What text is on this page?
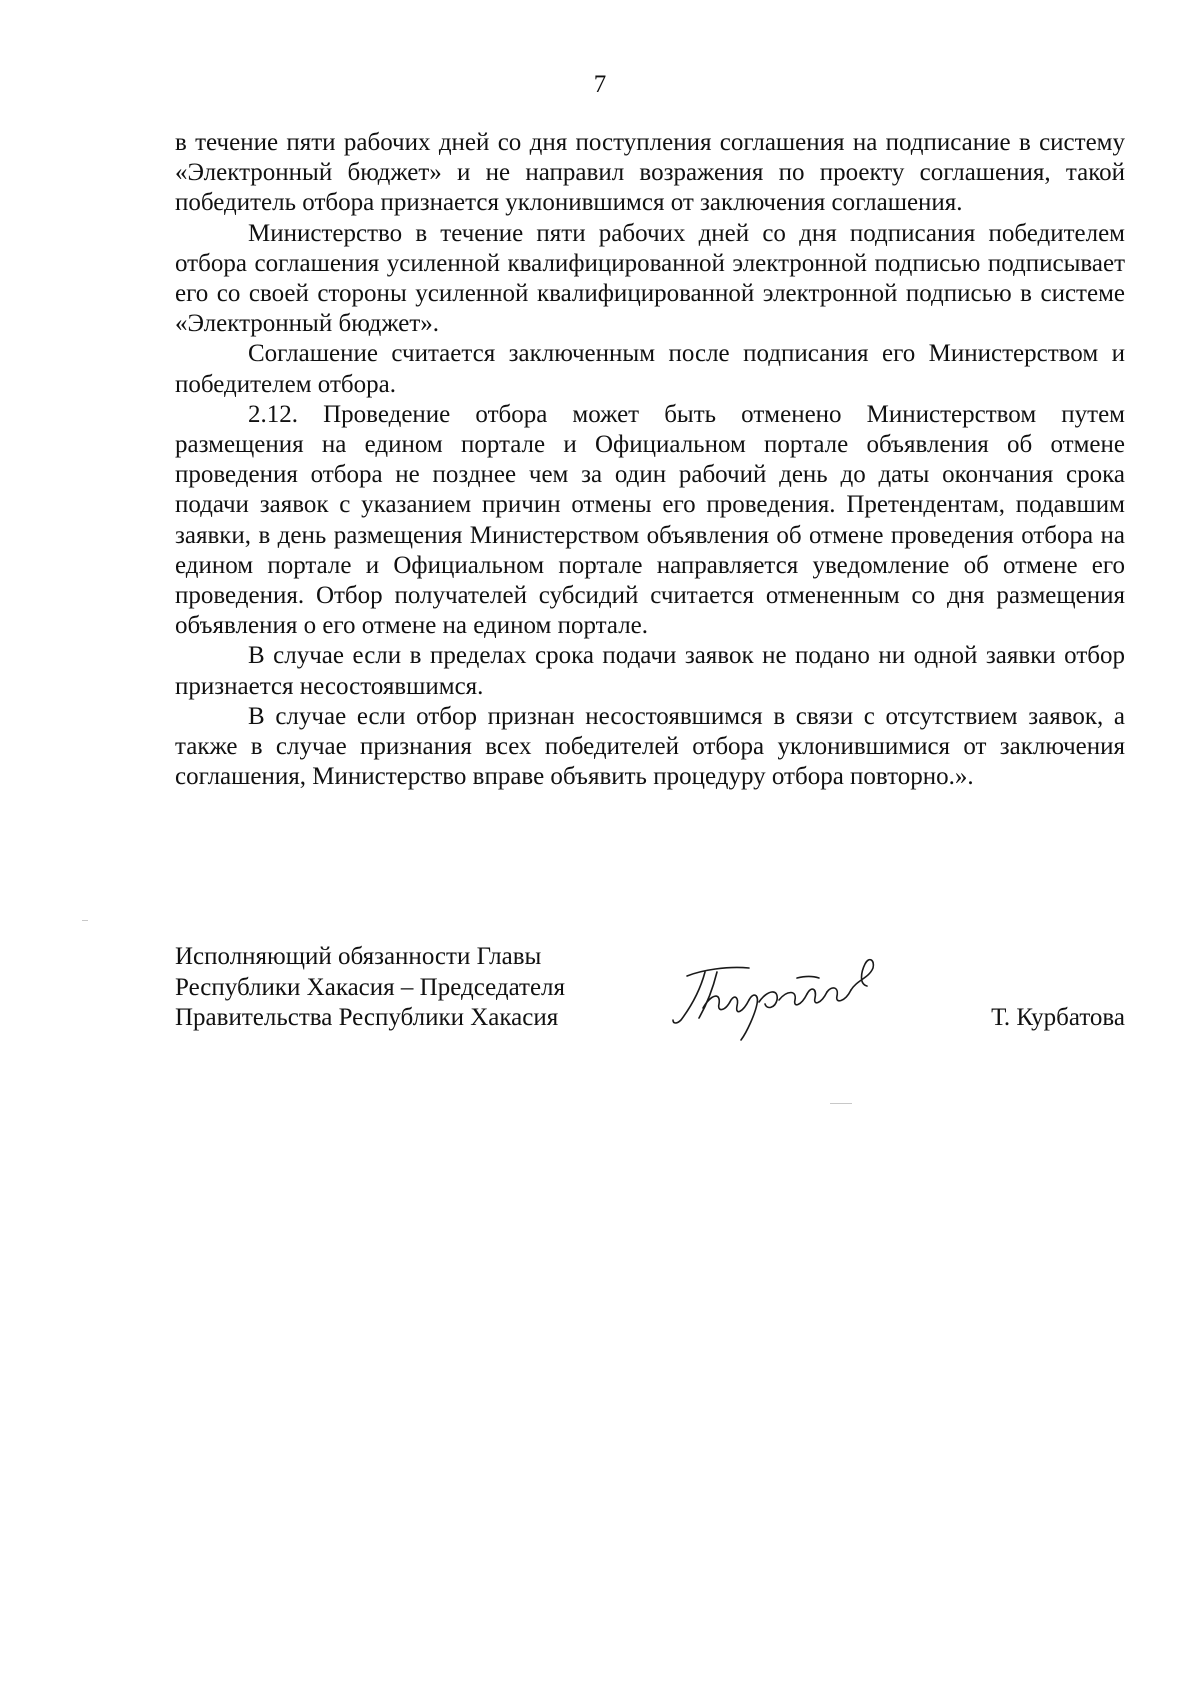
7

в течение пяти рабочих дней со дня поступления соглашения на подписание в систему «Электронный бюджет» и не направил возражения по проекту соглашения, такой победитель отбора признается уклонившимся от заключения соглашения.

Министерство в течение пяти рабочих дней со дня подписания победителем отбора соглашения усиленной квалифицированной электронной подписью подписывает его со своей стороны усиленной квалифицированной электронной подписью в системе «Электронный бюджет».

Соглашение считается заключенным после подписания его Министерством и победителем отбора.

2.12. Проведение отбора может быть отменено Министерством путем размещения на едином портале и Официальном портале объявления об отмене проведения отбора не позднее чем за один рабочий день до даты окончания срока подачи заявок с указанием причин отмены его проведения. Претендентам, подавшим заявки, в день размещения Министерством объявления об отмене проведения отбора на едином портале и Официальном портале направляется уведомление об отмене его проведения. Отбор получателей субсидий считается отмененным со дня размещения объявления о его отмене на едином портале.

В случае если в пределах срока подачи заявок не подано ни одной заявки отбор признается несостоявшимся.

В случае если отбор признан несостоявшимся в связи с отсутствием заявок, а также в случае признания всех победителей отбора уклонившимися от заключения соглашения, Министерство вправе объявить процедуру отбора повторно.».

Исполняющий обязанности Главы
Республики Хакасия – Председателя
Правительства Республики Хакасия	Т. Курбатова
